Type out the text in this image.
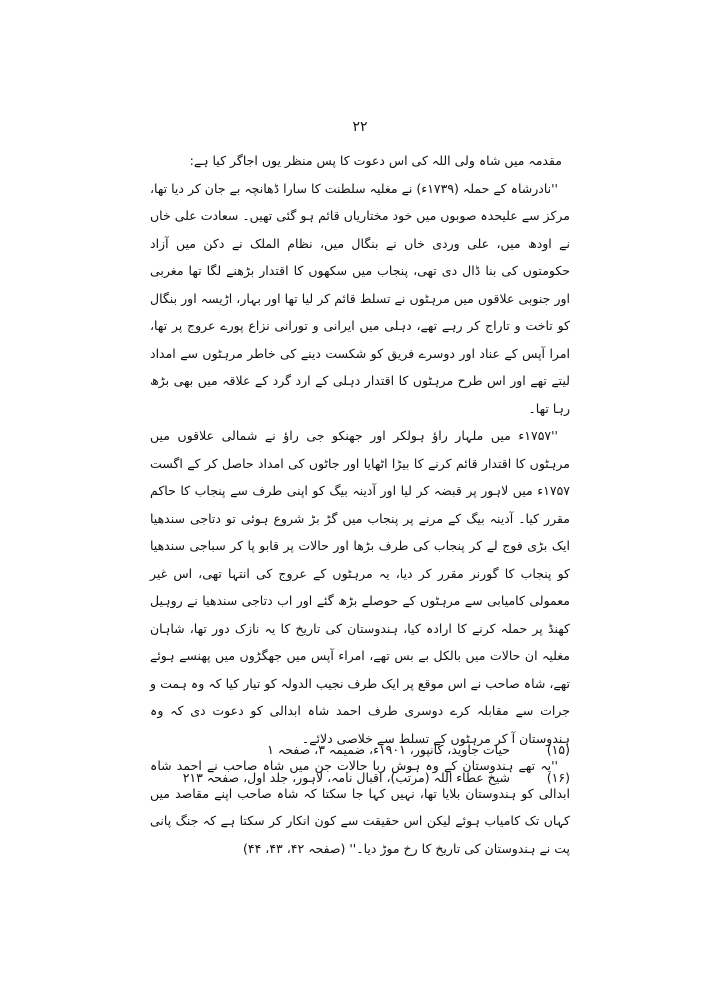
۲۲

مقدمہ میں شاہ ولی اللہ کی اس دعوت کا پس منظر یوں اجاگر کیا ہے:

''نادرشاہ کے حملہ (۱۷۳۹ء) نے مغلیہ سلطنت کا سارا ڈھانچہ بے جان کر دیا تھا، مرکز سے علیحدہ صوبوں میں خود مختاریاں قائم ہو گئی تھیں۔ سعادت علی خاں نے اودھ میں، علی وردی خاں نے بنگال میں، نظام الملک نے دکن میں آزاد حکومتوں کی بنا ڈال دی تھی، پنجاب میں سکھوں کا اقتدار بڑھنے لگا تھا مغربی اور جنوبی علاقوں میں مرہٹوں نے تسلط قائم کر لیا تھا اور بہار، اڑیسہ اور بنگال کو تاخت و تاراج کر رہے تھے، دہلی میں ایرانی و تورانی نزاع پورے عروج پر تھا، امرا آپس کے عناد اور دوسرے فریق کو شکست دینے کی خاطر مرہٹوں سے امداد لیتے تھے اور اس طرح مرہٹوں کا اقتدار دہلی کے ارد گرد کے علاقہ میں بھی بڑھ رہا تھا۔

''۱۷۵۷ء میں ملہار راؤ ہولکر اور جھنکو جی راؤ نے شمالی علاقوں میں مرہٹوں کا اقتدار قائم کرنے کا بیڑا اٹھایا اور جاٹوں کی امداد حاصل کر کے اگست ۱۷۵۷ء میں لاہور پر قبضہ کر لیا اور آدینہ بیگ کو اپنی طرف سے پنجاب کا حاکم مقرر کیا۔ آدینہ بیگ کے مرنے پر پنجاب میں گڑ بڑ شروع ہوئی تو دتاجی سندھیا ایک بڑی فوج لے کر پنجاب کی طرف بڑھا اور حالات پر قابو پا کر سباجی سندھیا کو پنجاب کا گورنر مقرر کر دیا، یہ مرہٹوں کے عروج کی انتہا تھی، اس غیر معمولی کامیابی سے مرہٹوں کے حوصلے بڑھ گئے اور اب دتاجی سندھیا نے روہیل کھنڈ پر حملہ کرنے کا ارادہ کیا، ہندوستان کی تاریخ کا یہ نازک دور تھا، شاہان مغلیہ ان حالات میں بالکل بے بس تھے، امراء آپس میں جھگڑوں میں پھنسے ہوئے تھے، شاہ صاحب نے اس موقع پر ایک طرف نجیب الدولہ کو تیار کیا کہ وہ ہمت و جرات سے مقابلہ کرے دوسری طرف احمد شاہ ابدالی کو دعوت دی کہ وہ ہندوستان آ کر مرہٹوں کے تسلط سے خلاصی دلائے۔

''یہ تھے ہندوستان کے وہ ہوش ربا حالات جن میں شاہ صاحب نے احمد شاہ ابدالی کو ہندوستان بلایا تھا، نہیں کہا جا سکتا کہ شاہ صاحب اپنے مقاصد میں کہاں تک کامیاب ہوئے لیکن اس حقیقت سے کون انکار کر سکتا ہے کہ جنگ پانی پت نے ہندوستان کی تاریخ کا رخ موڑ دیا۔'' (صفحہ ۴۲، ۴۳، ۴۴)

(۱۵)
حیات جاوید، کانپور، ۱۹۰۱ء، ضمیمہ ۳، صفحہ ۱
(۱۶)
شیخ عطاء اللہ (مرتب)، اقبال نامہ، لاہور، جلد اول، صفحہ ۲۱۳
